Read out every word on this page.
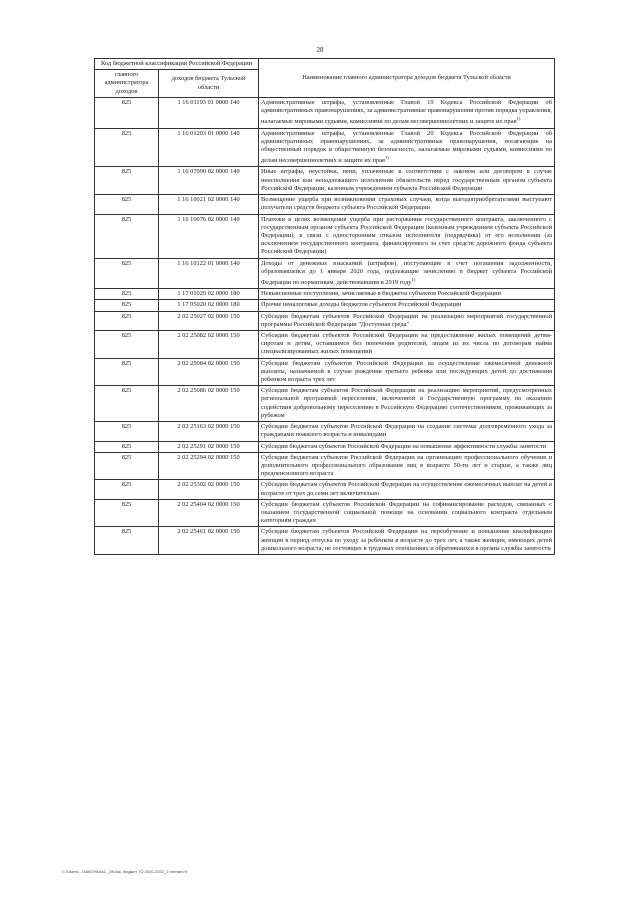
28
Код бюджетной классификации Российской Федерации		Наименование главного администратора доходов бюджета Тульской области
главного администратора доходов	доходов бюджета Тульской области	
825	1 16 01193 01 0000 140	Административные штрафы, установленные Главой 19 Кодекса Российской Федерации об административных правонарушениях, за административные правонарушения против порядка управления, налагаемые мировыми судьями, комиссиями по делам несовершеннолетних и защите их прав$^{1)}$
825	1 16 01203 01 0000 140	Административные штрафы, установленные Главой 20 Кодекса Российской Федерации об административных правонарушениях, за административные правонарушения, посягающие на общественный порядок и общественную безопасность, налагаемые мировыми судьями, комиссиями по делам несовершеннолетних и защите их прав$^{1)}$
825	1 16 07090 02 0000 140	Иные штрафы, неустойки, пени, уплаченные в соответствии с законом или договором в случае неисполнения или ненадлежащего исполнения обязательств перед государственным органом субъекта Российской Федерации, казенным учреждением субъекта Российской Федерации
825	1 16 10021 02 0000 140	Возмещение ущерба при возникновении страховых случаев, когда выгодоприобретателями выступают получатели средств бюджета субъекта Российской Федерации
825	1 16 10076 02 0000 140	Платежи в целях возмещения ущерба при расторжении государственного контракта, заключенного с государственным органом субъекта Российской Федерации (казенным учреждением субъекта Российской Федерации), в связи с односторонним отказом исполнителя (подрядчика) от его исполнения (за исключением государственного контракта, финансируемого за счет средств дорожного фонда субъекта Российской Федерации)
825	1 16 10122 01 0000 140	Доходы от денежных взысканий (штрафов), поступающие в счет погашения задолженности, образовавшейся до 1 января 2020 года, подлежащие зачислению в бюджет субъекта Российской Федерации по нормативам, действовавшим в 2019 году$^{1)}$
825	1 17 01020 02 0000 180	Невыясненные поступления, зачисляемые в бюджеты субъектов Российской Федерации
825	1 17 05020 02 0000 180	Прочие неналоговые доходы бюджетов субъектов Российской Федерации
825	2 02 25027 02 0000 150	Субсидии бюджетам субъектов Российской Федерации на реализацию мероприятий государственной программы Российской Федерации "Доступная среда"
825	2 02 25082 02 0000 150	Субсидии бюджетам субъектов Российской Федерации на предоставление жилых помещений детям-сиротам и детям, оставшимся без попечения родителей, лицам из их числа по договорам найма специализированных жилых помещений
825	2 02 25084 02 0000 150	Субсидии бюджетам субъектов Российской Федерации на осуществление ежемесячной денежной выплаты, назначаемой в случае рождения третьего ребенка или последующих детей до достижения ребенком возраста трех лет
825	2 02 25086 02 0000 150	Субсидии бюджетам субъектов Российской Федерации на реализацию мероприятий, предусмотренных региональной программой переселения, включенной в Государственную программу по оказанию содействия добровольному переселению в Российскую Федерацию соотечественников, проживающих за рубежом
825	2 02 25163 02 0000 150	Субсидии бюджетам субъектов Российской Федерации на создание системы долговременного ухода за гражданами пожилого возраста и инвалидами
825	2 02 25291 02 0000 150	Субсидии бюджетам субъектов Российской Федерации на повышение эффективности службы занятости
825	2 02 25294 02 0000 150	Субсидии бюджетам субъектов Российской Федерации на организацию профессионального обучения и дополнительного профессионального образования лиц в возрасте 50-ти лет и старше, а также лиц предпенсионного возраста
825	2 02 25302 02 0000 150	Субсидии бюджетам субъектов Российской Федерации на осуществление ежемесячных выплат на детей в возрасте от трех до семи лет включительно
825	2 02 25404 02 0000 150	Субсидии бюджетам субъектов Российской Федерации на софинансирование расходов, связанных с оказанием государственной социальной помощи на основании социального контракта отдельным категориям граждан
825	2 02 25461 02 0000 150	Субсидии бюджетам субъектов Российской Федерации на переобучение и повышение квалификации женщин в период отпуска по уходу за ребенком в возрасте до трех лет, а также женщин, имеющих детей дошкольного возраста, не состоящих в трудовых отношениях и обратившихся в органы службы занятости
C:\Users\...\ЗАКОНЫ\АС_19\Зак. бюджет ТО 2020-2022_2 чтение.rtf
